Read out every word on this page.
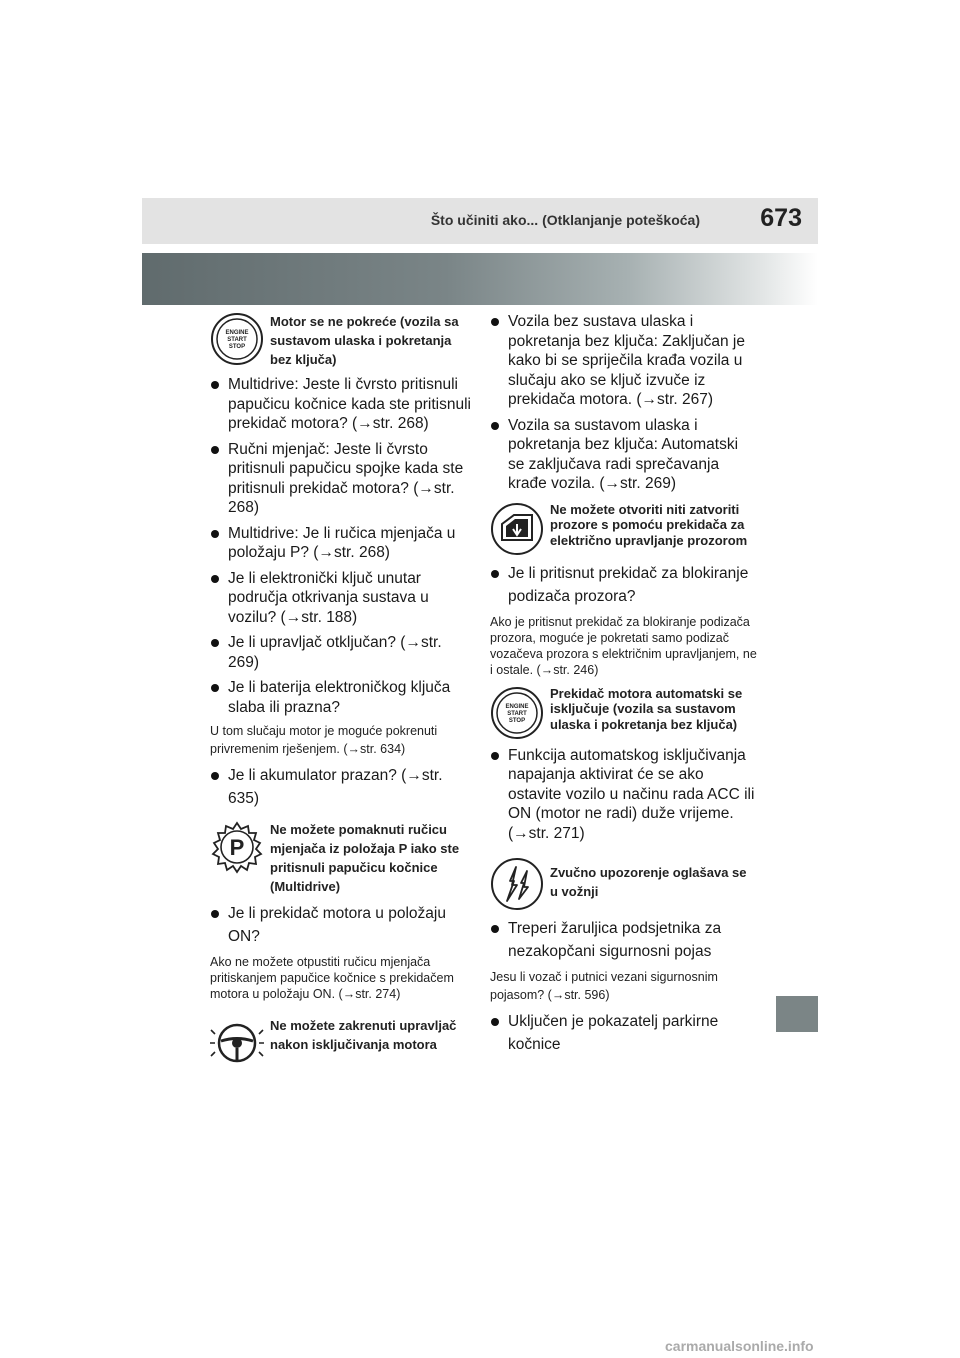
Što učiniti ako... (Otklanjanje poteškoća) 673
ENGINE
START
STOP
Motor se ne pokreće (vozila sa sustavom ulaska i pokretanja bez ključa)
Multidrive: Jeste li čvrsto pritisnuli papučicu kočnice kada ste pritisnuli prekidač motora? (→str. 268)
Ručni mjenjač: Jeste li čvrsto pritisnuli papučicu spojke kada ste pritisnuli prekidač motora? (→str. 268)
Multidrive: Je li ručica mjenjača u položaju P? (→str. 268)
Je li elektronički ključ unutar područja otkrivanja sustava u vozilu? (→str. 188)
Je li upravljač otključan? (→str. 269)
Je li baterija elektroničkog ključa slaba ili prazna?
U tom slučaju motor je moguće pokrenuti privremenim rješenjem. (→str. 634)
Je li akumulator prazan? (→str. 635)
P
Ne možete pomaknuti ručicu mjenjača iz položaja P iako ste pritisnuli papučicu kočnice (Multidrive)
Je li prekidač motora u položaju ON?
Ako ne možete otpustiti ručicu mjenjača pritiskanjem papučice kočnice s prekidačem motora u položaju ON. (→str. 274)
Ne možete zakrenuti upravljač nakon isključivanja motora
Vozila bez sustava ulaska i pokretanja bez ključa: Zaključan je kako bi se spriječila krađa vozila u slučaju ako se ključ izvuče iz prekidača motora. (→str. 267)
Vozila sa sustavom ulaska i pokretanja bez ključa: Automatski se zaključava radi sprečavanja krađe vozila. (→str. 269)
Ne možete otvoriti niti zatvoriti prozore s pomoću prekidača za električno upravljanje prozorom
Je li pritisnut prekidač za blokiranje podizača prozora?
Ako je pritisnut prekidač za blokiranje podizača prozora, moguće je pokretati samo podizač vozačeva prozora s električnim upravljanjem, ne i ostale. (→str. 246)
ENGINE
START
STOP
Prekidač motora automatski se isključuje (vozila sa sustavom ulaska i pokretanja bez ključa)
Funkcija automatskog isključivanja napajanja aktivirat će se ako ostavite vozilo u načinu rada ACC ili ON (motor ne radi) duže vrijeme. (→str. 271)
Zvučno upozorenje oglašava se u vožnji
Treperi žaruljica podsjetnika za nezakopčani sigurnosni pojas
Jesu li vozač i putnici vezani sigurnosnim pojasom? (→str. 596)
Uključen je pokazatelj parkirne kočnice
carmanualsonline.info
